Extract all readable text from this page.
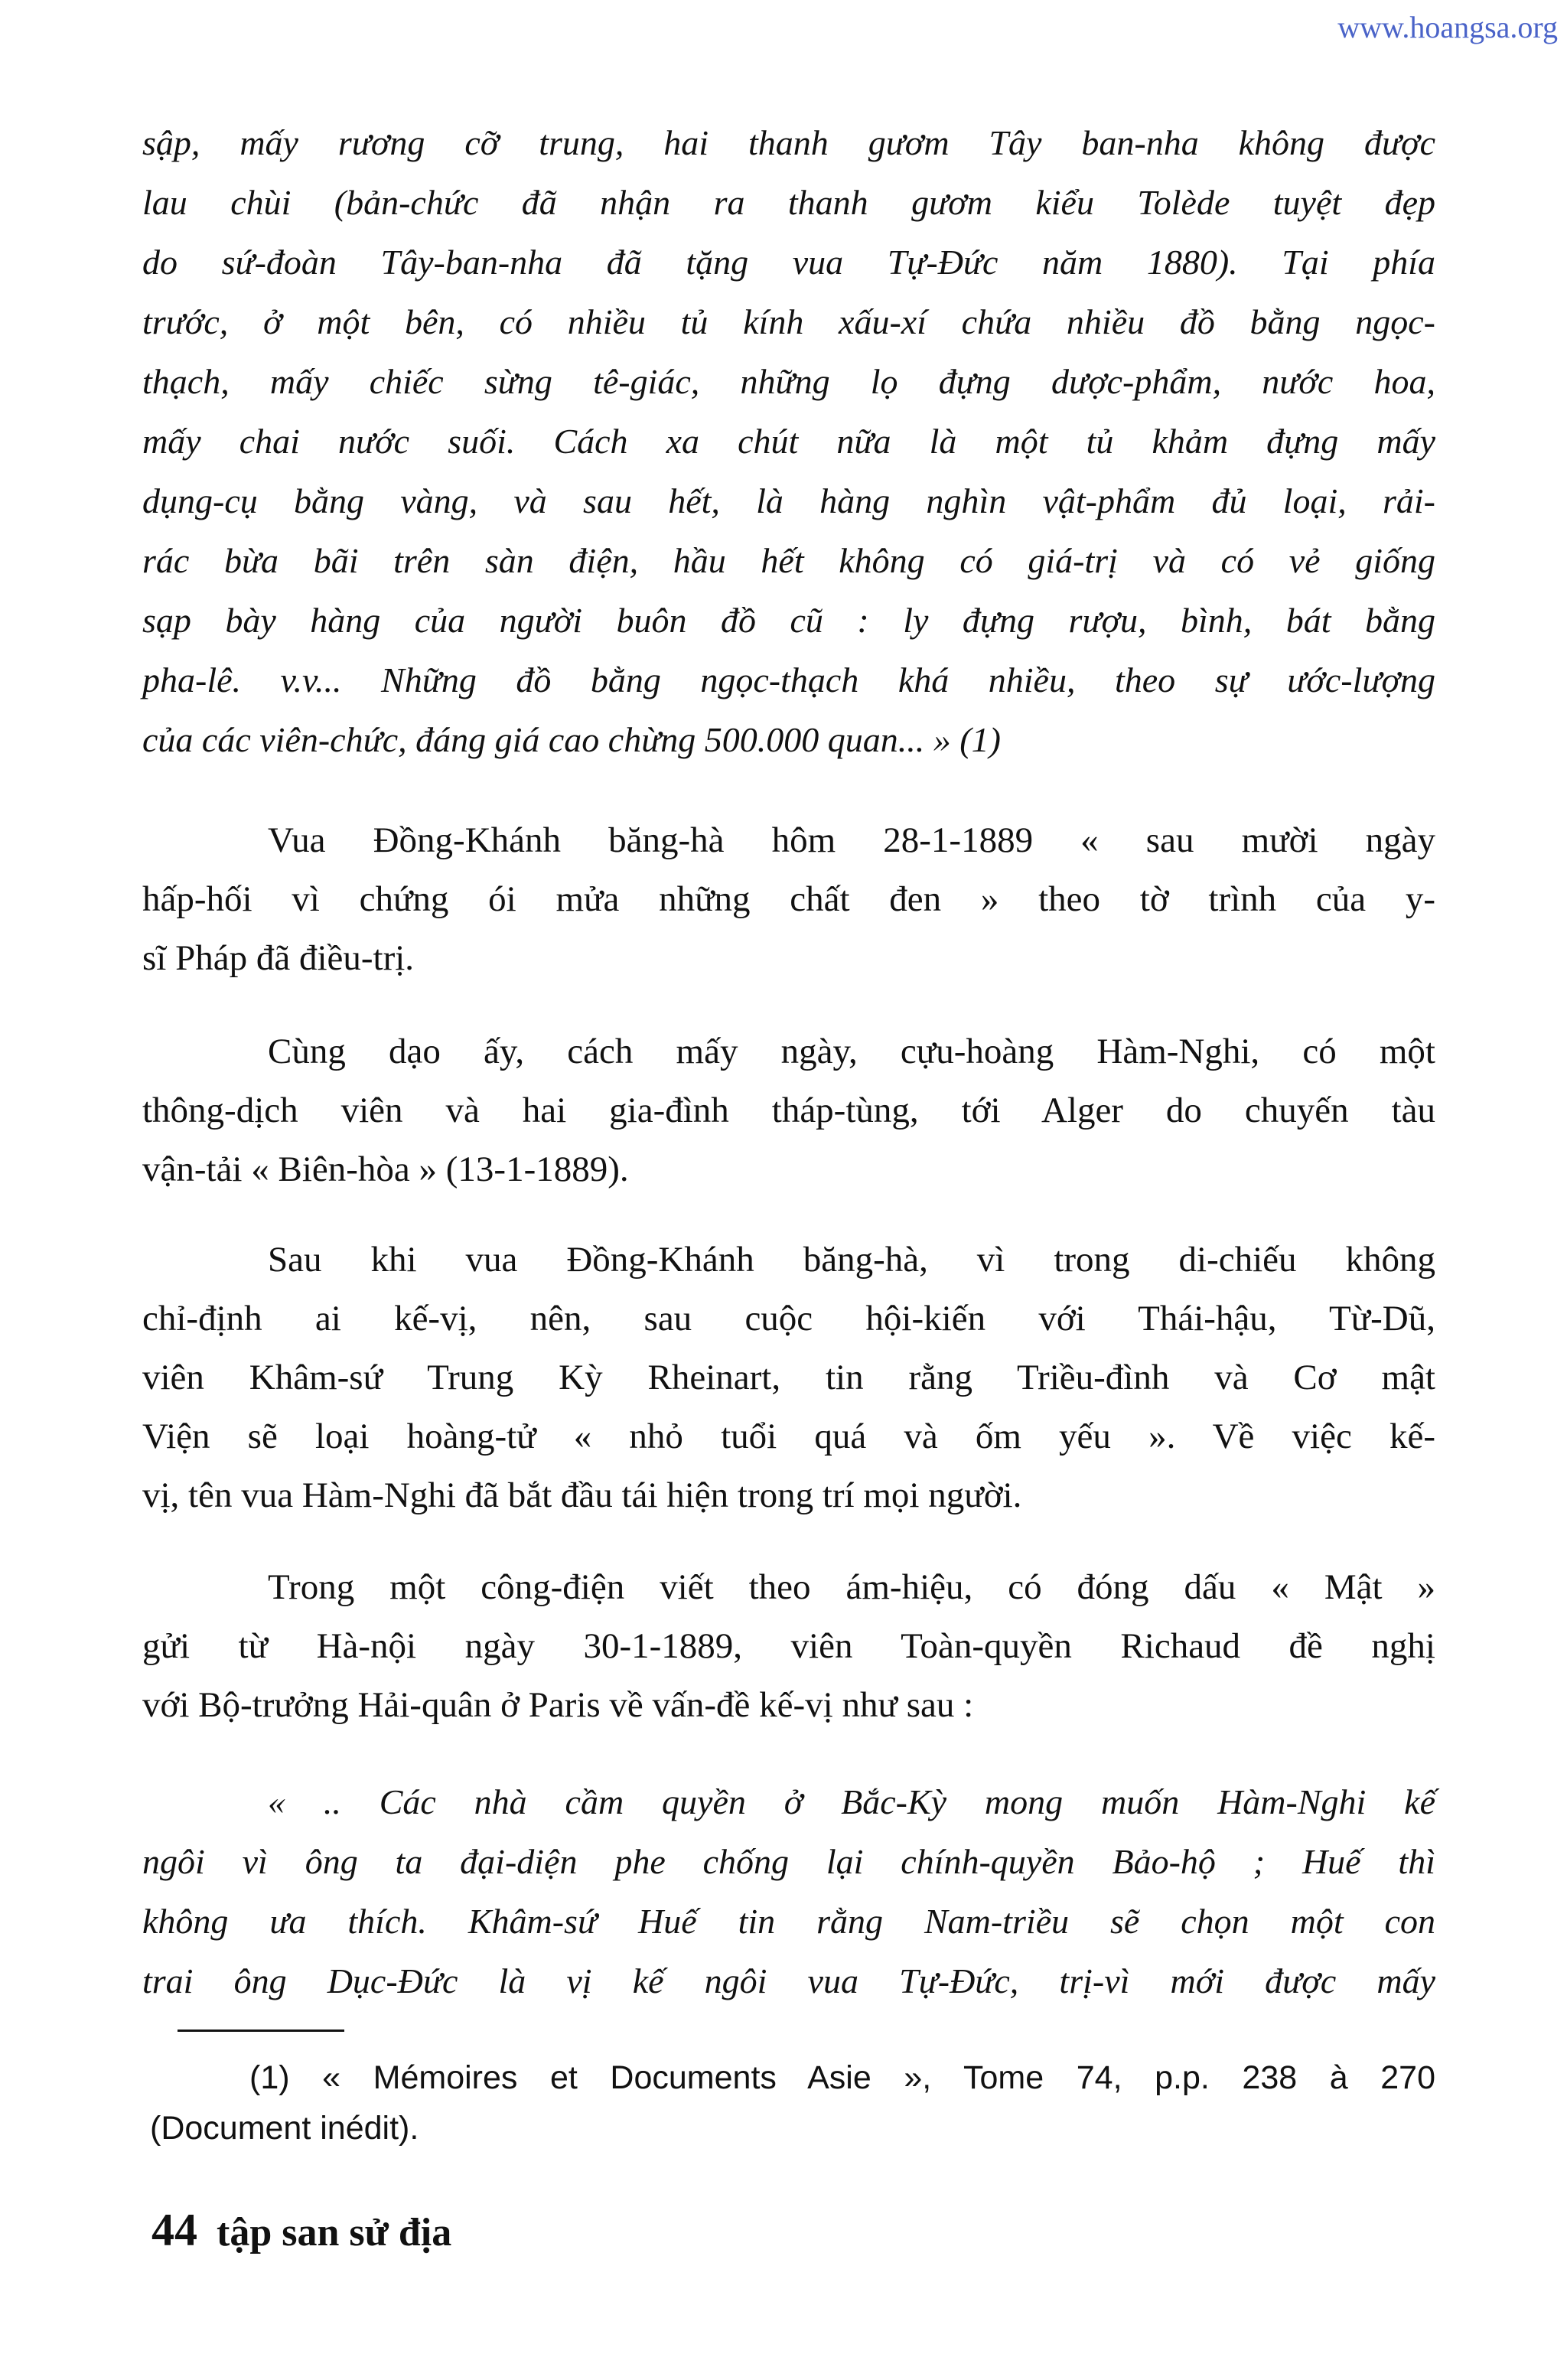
www.hoangsa.org
sập, mấy rương cỡ trung, hai thanh gươm Tây ban-nha không được
lau chùi (bản-chức đã nhận ra thanh gươm kiểu Tolède tuyệt đẹp
do sứ-đoàn Tây-ban-nha đã tặng vua Tự-Đức năm 1880). Tại phía
trước, ở một bên, có nhiều tủ kính xấu-xí chứa nhiều đồ bằng ngọc-
thạch, mấy chiếc sừng tê-giác, những lọ đựng dược-phẩm, nước hoa,
mấy chai nước suối. Cách xa chút nữa là một tủ khảm đựng mấy
dụng-cụ bằng vàng, và sau hết, là hàng nghìn vật-phẩm đủ loại, rải-
rác bừa bãi trên sàn điện, hầu hết không có giá-trị và có vẻ giống
sạp bày hàng của người buôn đồ cũ : ly đựng rượu, bình, bát bằng
pha-lê. v.v... Những đồ bằng ngọc-thạch khá nhiều, theo sự ước-lượng
của các viên-chức, đáng giá cao chừng 500.000 quan... » (1)
Vua Đồng-Khánh băng-hà hôm 28-1-1889 « sau mười ngày
hấp-hối vì chứng ói mửa những chất đen » theo tờ trình của y-
sĩ Pháp đã điều-trị.
Cùng dạo ấy, cách mấy ngày, cựu-hoàng Hàm-Nghi, có một
thông-dịch viên và hai gia-đình tháp-tùng, tới Alger do chuyến tàu
vận-tải « Biên-hòa » (13-1-1889).
Sau khi vua Đồng-Khánh băng-hà, vì trong di-chiếu không
chỉ-định ai kế-vị, nên, sau cuộc hội-kiến với Thái-hậu, Từ-Dũ,
viên Khâm-sứ Trung Kỳ Rheinart, tin rằng Triều-đình và Cơ mật
Viện sẽ loại hoàng-tử « nhỏ tuổi quá và ốm yếu ». Về việc kế-
vị, tên vua Hàm-Nghi đã bắt đầu tái hiện trong trí mọi người.
Trong một công-điện viết theo ám-hiệu, có đóng dấu « Mật »
gửi từ Hà-nội ngày 30-1-1889, viên Toàn-quyền Richaud đề nghị
với Bộ-trưởng Hải-quân ở Paris về vấn-đề kế-vị như sau :
« .. Các nhà cầm quyền ở Bắc-Kỳ mong muốn Hàm-Nghi kế
ngôi vì ông ta đại-diện phe chống lại chính-quyền Bảo-hộ ; Huế thì
không ưa thích. Khâm-sứ Huế tin rằng Nam-triều sẽ chọn một con
trai ông Dục-Đức là vị kế ngôi vua Tự-Đức, trị-vì mới được mấy
(1) « Mémoires et Documents Asie », Tome 74, p.p. 238 à 270
(Document inédit).
44 tập san sử địa
